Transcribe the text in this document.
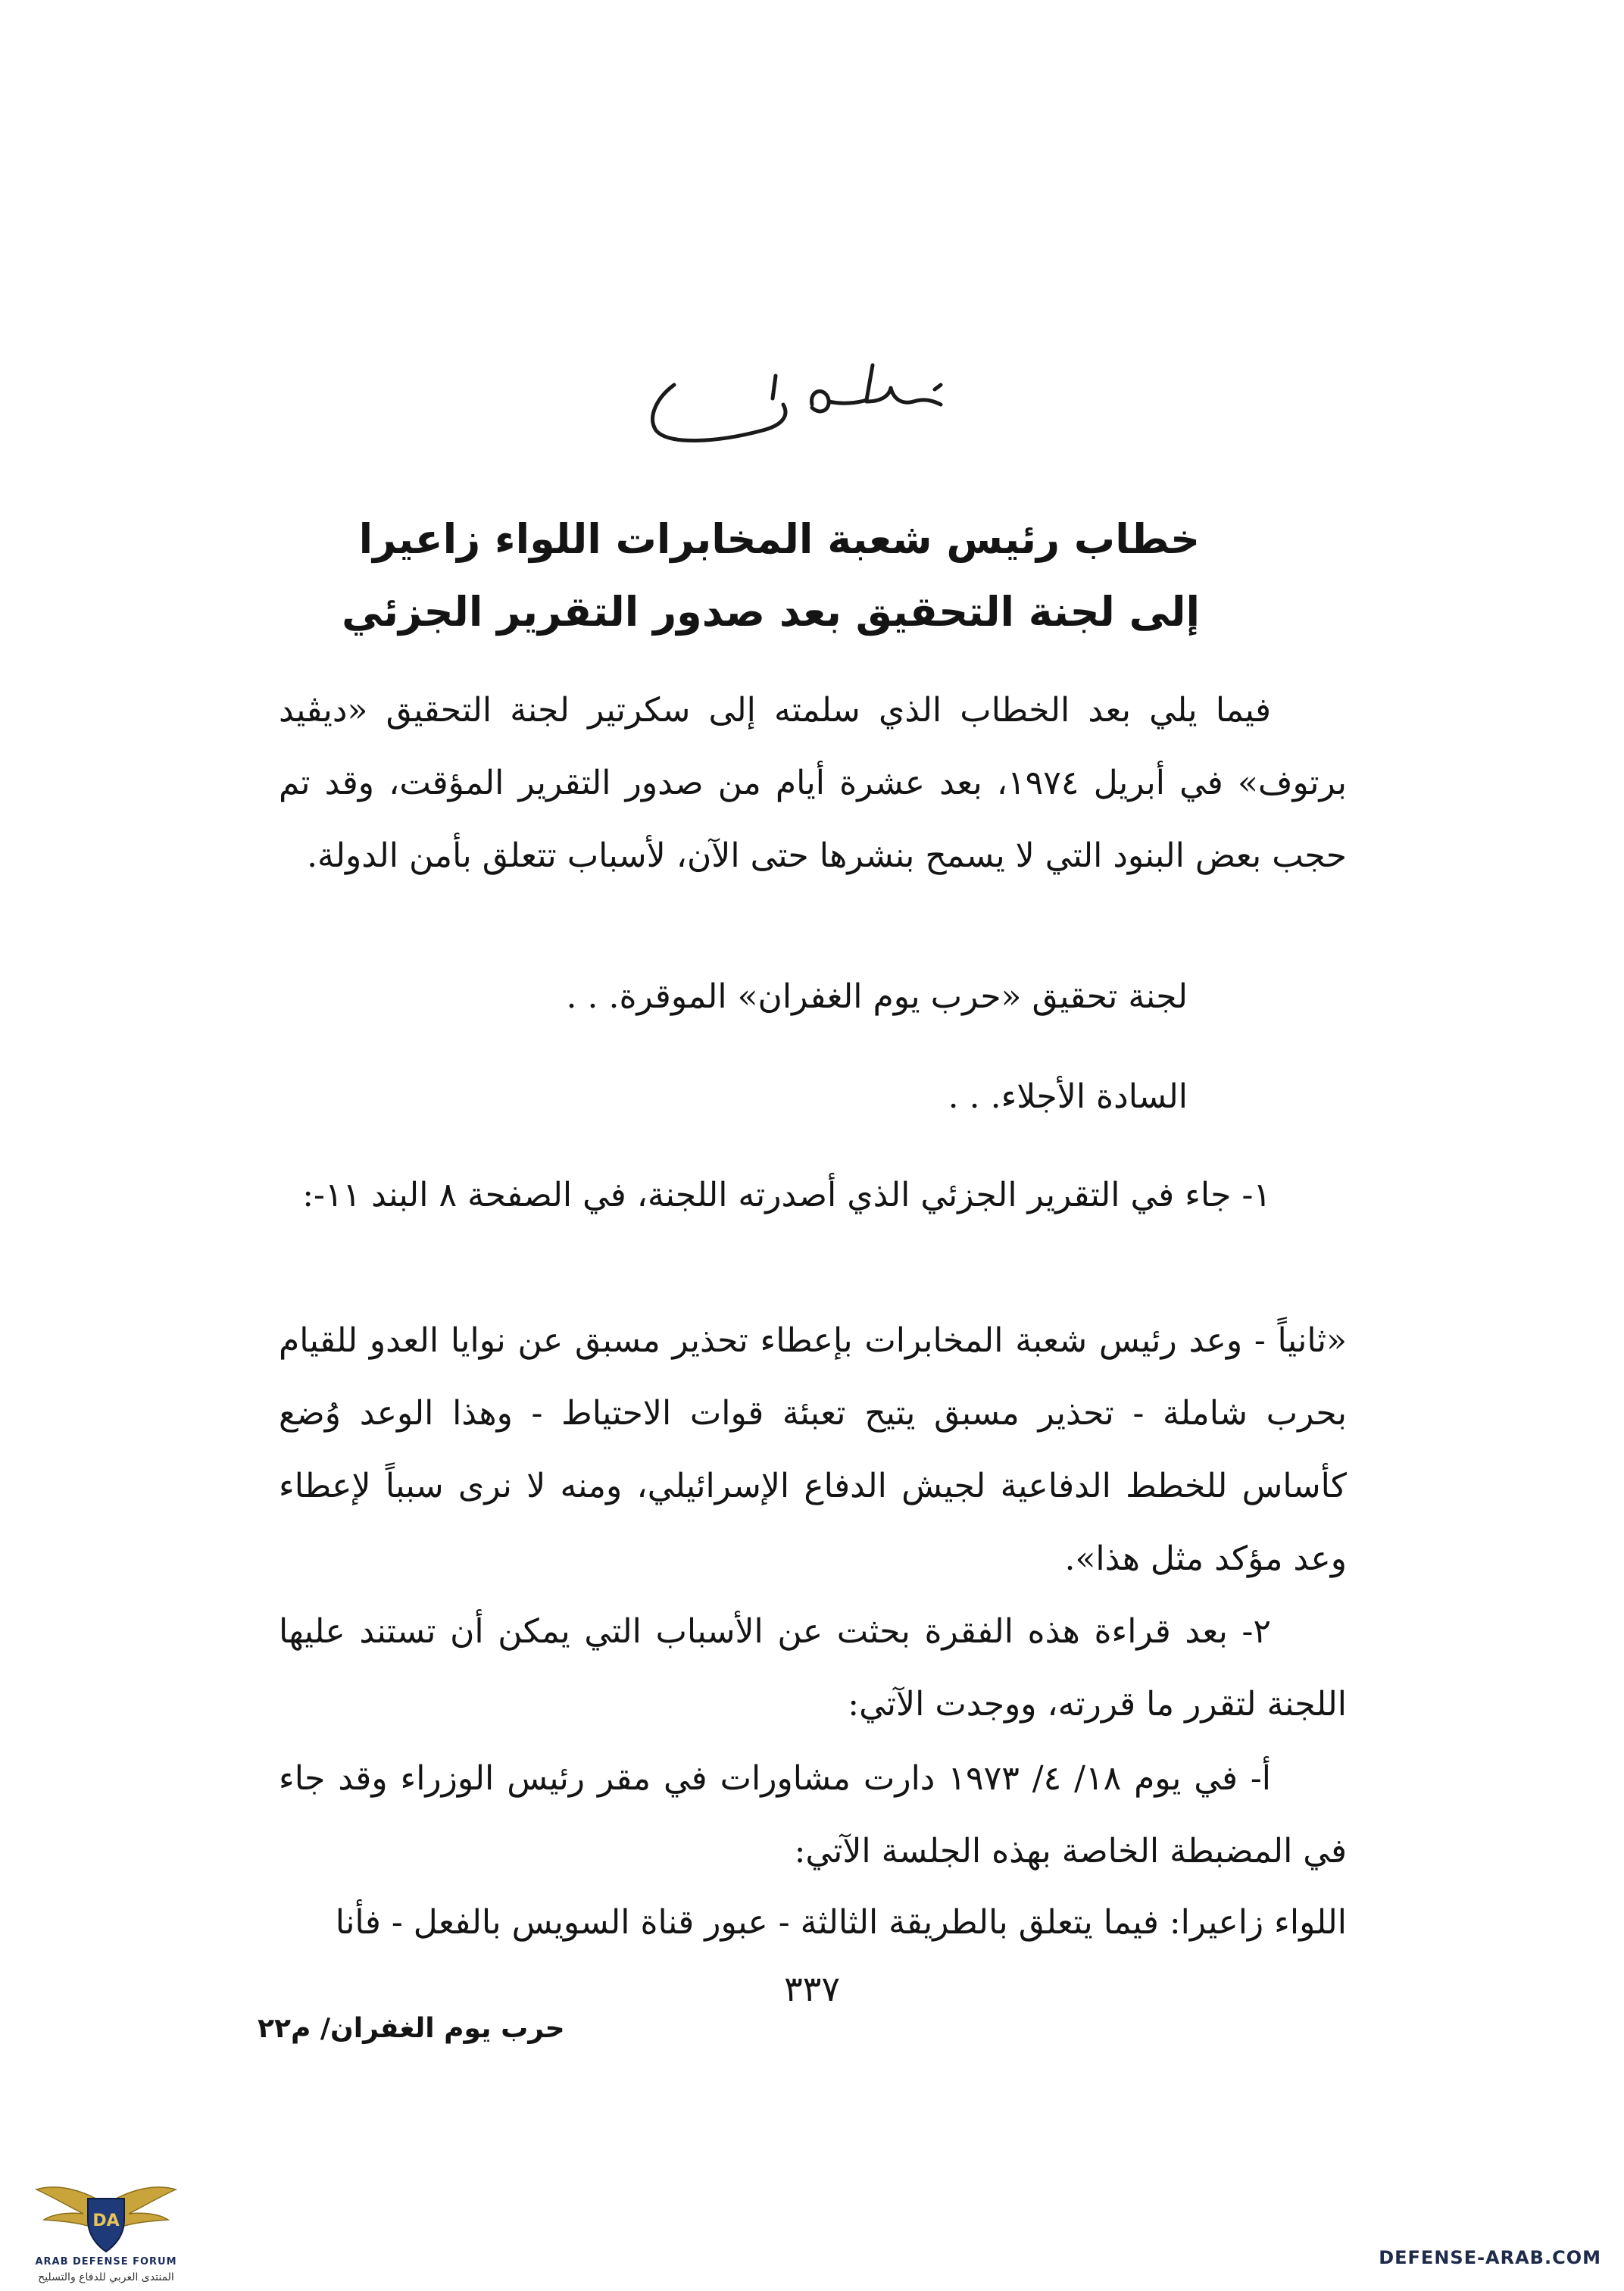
ملحق ب
خطاب رئيس شعبة المخابرات اللواء زاعيرا
إلى لجنة التحقيق بعد صدور التقرير الجزئي

فيما يلي بعد الخطاب الذي سلمته إلى سكرتير لجنة التحقيق «ديڤيد برتوف» في أبريل ١٩٧٤، بعد عشرة أيام من صدور التقرير المؤقت، وقد تم حجب بعض البنود التي لا يسمح بنشرها حتى الآن، لأسباب تتعلق بأمن الدولة.

لجنة تحقيق «حرب يوم الغفران» الموقرة. . .

السادة الأجلاء. . .

١- جاء في التقرير الجزئي الذي أصدرته اللجنة، في الصفحة ٨ البند ١١-:

«ثانياً - وعد رئيس شعبة المخابرات بإعطاء تحذير مسبق عن نوايا العدو للقيام بحرب شاملة - تحذير مسبق يتيح تعبئة قوات الاحتياط - وهذا الوعد وُضع كأساس للخطط الدفاعية لجيش الدفاع الإسرائيلي، ومنه لا نرى سبباً لإعطاء وعد مؤكد مثل هذا».

٢- بعد قراءة هذه الفقرة بحثت عن الأسباب التي يمكن أن تستند عليها اللجنة لتقرر ما قررته، ووجدت الآتي:

أ- في يوم ١٨/ ٤/ ١٩٧٣ دارت مشاورات في مقر رئيس الوزراء وقد جاء في المضبطة الخاصة بهذه الجلسة الآتي:

اللواء زاعيرا: فيما يتعلق بالطريقة الثالثة - عبور قناة السويس بالفعل - فأنا

٣٣٧
حرب يوم الغفران/ م٢٢
DA
ARAB DEFENSE FORUM
المنتدى العربي للدفاع والتسليح
DEFENSE-ARAB.COM
